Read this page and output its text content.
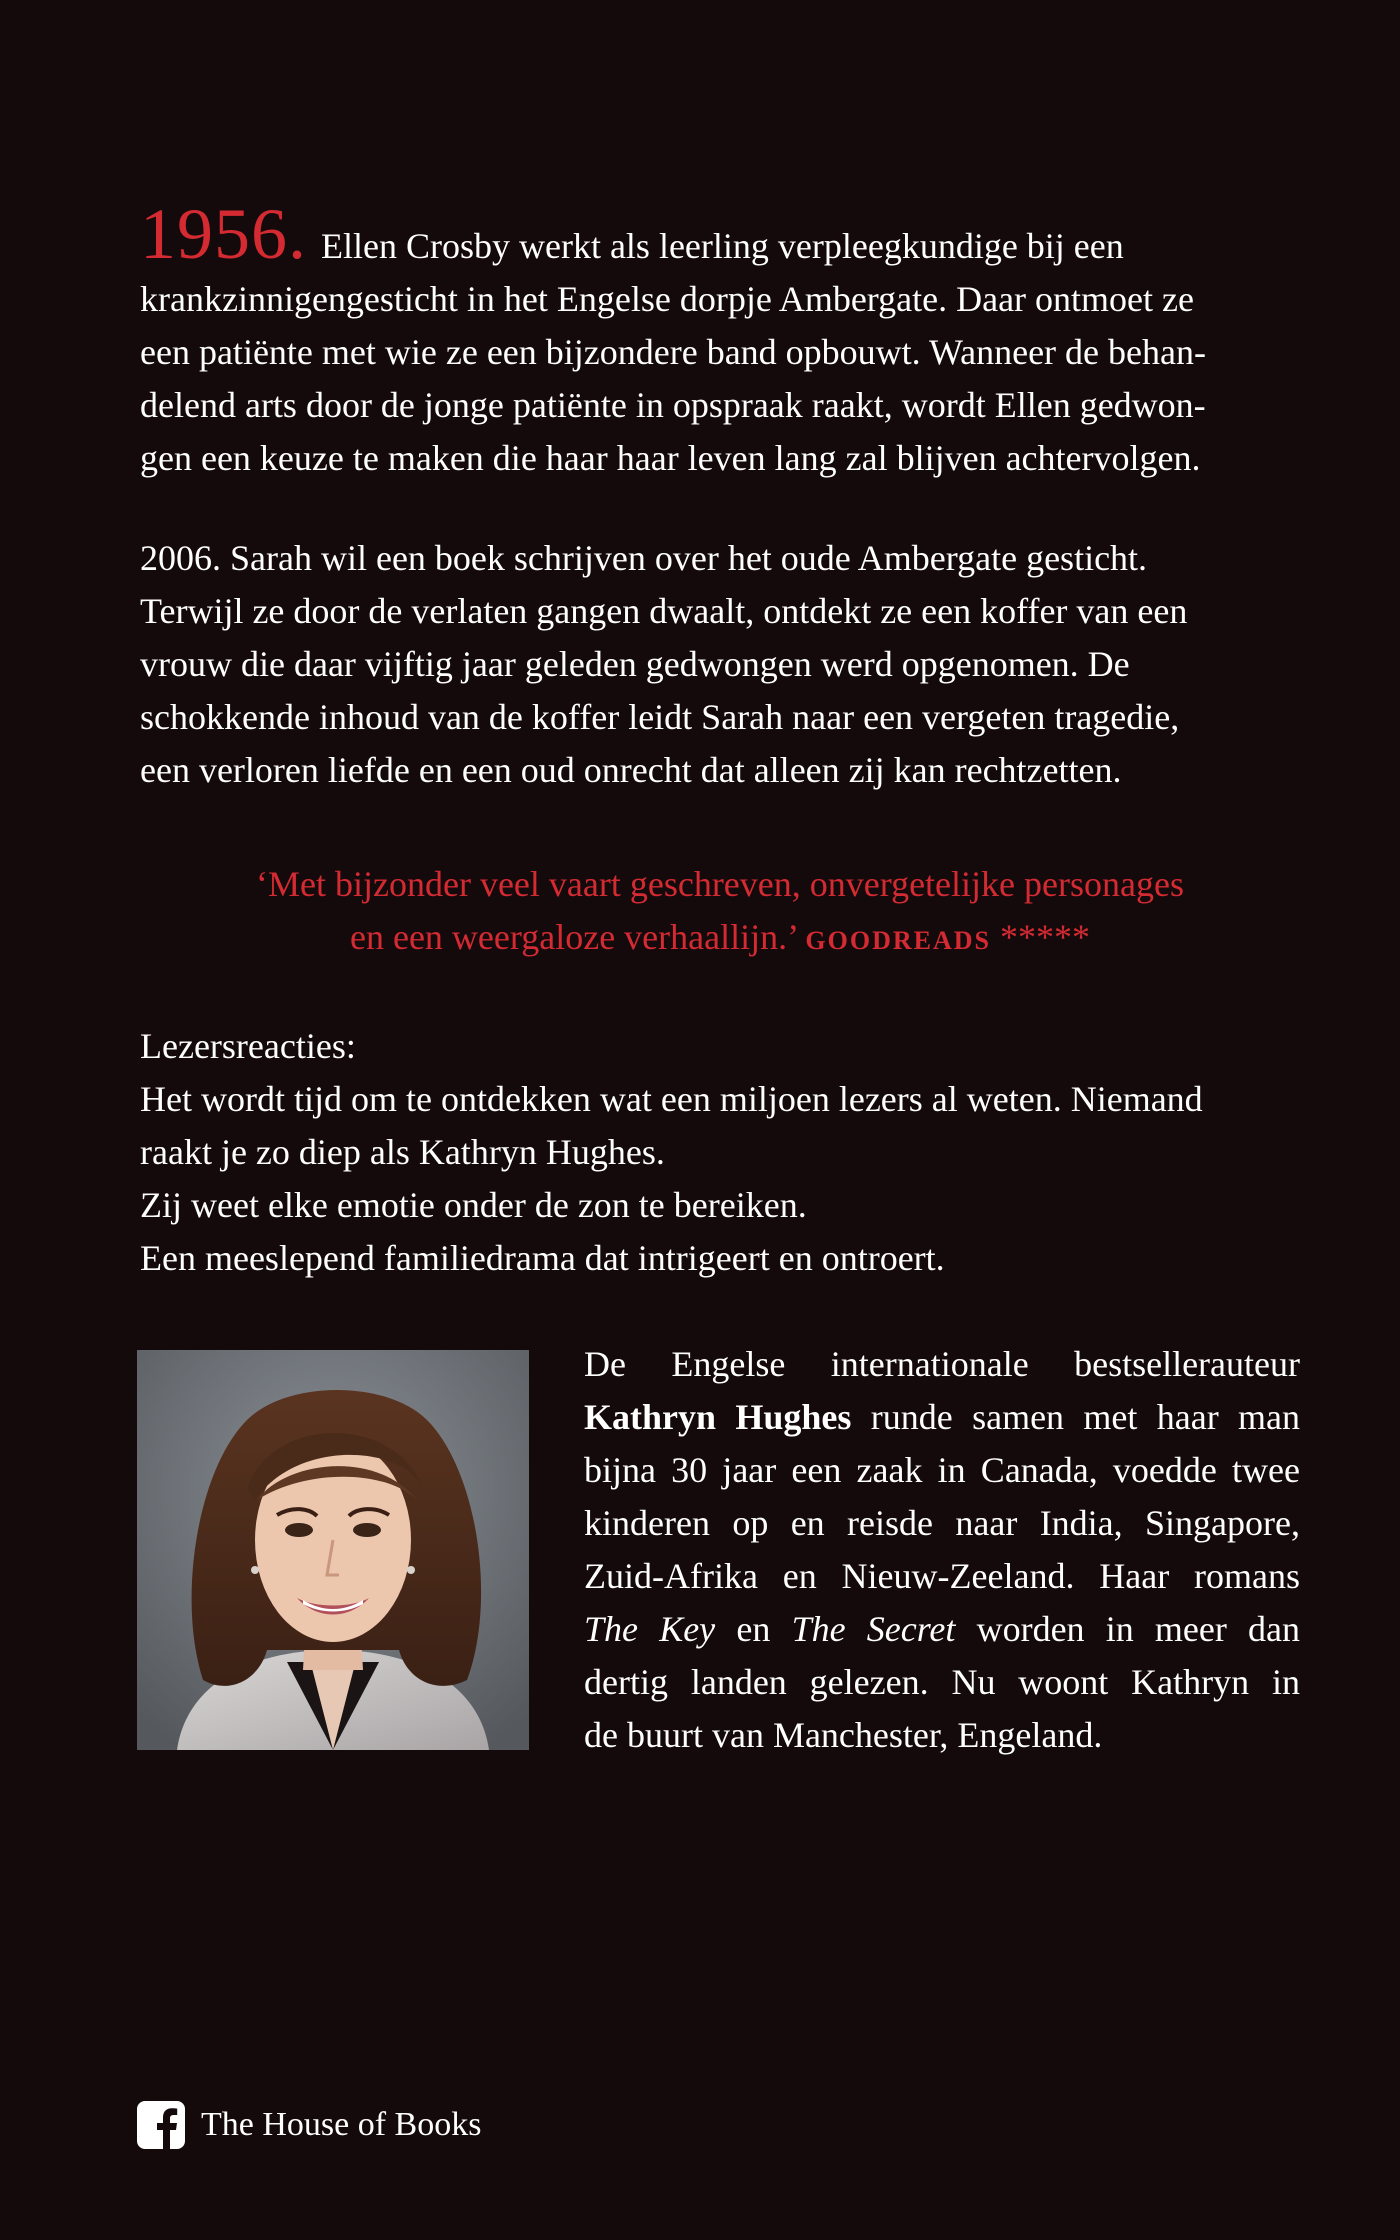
1956. Ellen Crosby werkt als leerling verpleegkundige bij een

krankzinnigengesticht in het Engelse dorpje Ambergate. Daar ontmoet ze

een patiënte met wie ze een bijzondere band opbouwt. Wanneer de behan-

delend arts door de jonge patiënte in opspraak raakt, wordt Ellen gedwon-

gen een keuze te maken die haar haar leven lang zal blijven achtervolgen.

2006. Sarah wil een boek schrijven over het oude Ambergate gesticht.

Terwijl ze door de verlaten gangen dwaalt, ontdekt ze een koffer van een

vrouw die daar vijftig jaar geleden gedwongen werd opgenomen. De

schokkende inhoud van de koffer leidt Sarah naar een vergeten tragedie,

een verloren liefde en een oud onrecht dat alleen zij kan rechtzetten.

‘Met bijzonder veel vaart geschreven, onvergetelijke personages
en een weergaloze verhaallijn.’ GOODREADS *****

Lezersreacties:

Het wordt tijd om te ontdekken wat een miljoen lezers al weten. Niemand

raakt je zo diep als Kathryn Hughes.

Zij weet elke emotie onder de zon te bereiken.

Een meeslepend familiedrama dat intrigeert en ontroert.

De Engelse internationale bestsellerauteur

Kathryn Hughes runde samen met haar man

bijna 30 jaar een zaak in Canada, voedde twee

kinderen op en reisde naar India, Singapore,

Zuid-Afrika en Nieuw-Zeeland. Haar romans

The Key en The Secret worden in meer dan

dertig landen gelezen. Nu woont Kathryn in

de buurt van Manchester, Engeland.

The House of Books
